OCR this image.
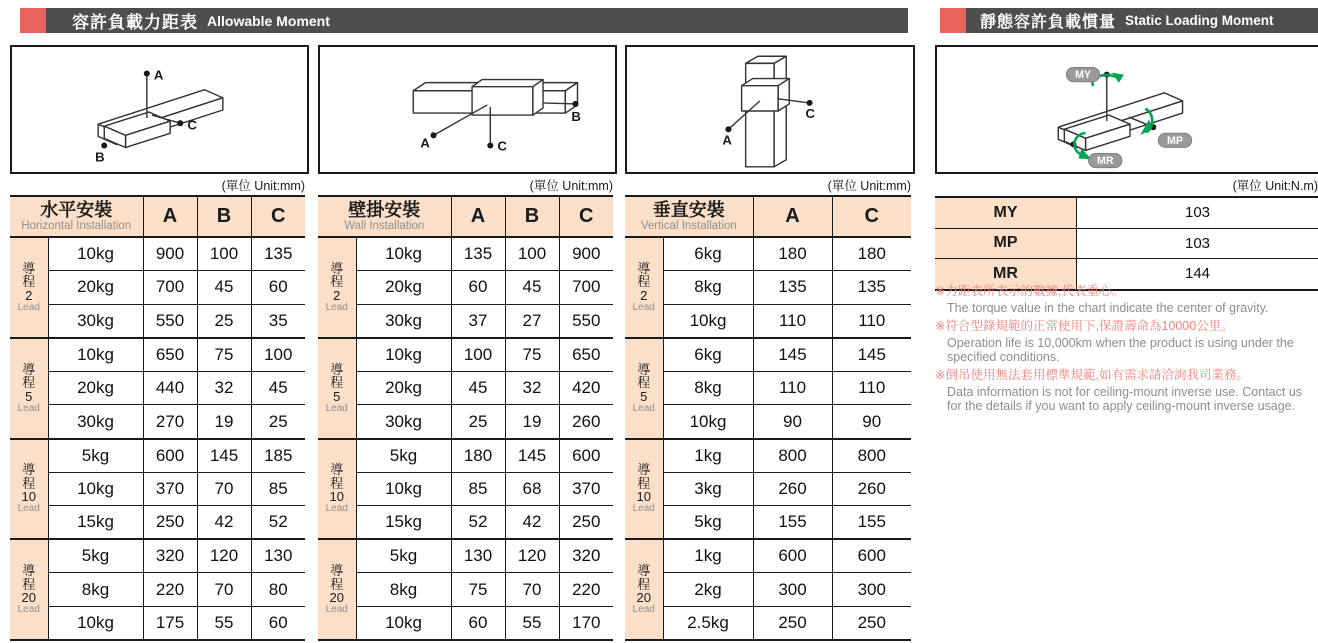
容許負載力距表 Allowable Moment	靜態容許負載慣量 Static Loading Moment
A
B
C
A
B
C	A
C
MY
MP
MR
(單位 Unit:mm)	(單位 Unit:mm)	(單位 Unit:mm)	(單位 Unit:N.m)
水平安裝
Horizontal Installation		A	B	C

導
程
2
Lead	10kg	900	100	135
	20kg	700	45	60
	30kg	550	25	35

導
程
5
Lead	10kg	650	75	100
	20kg	440	32	45
	30kg	270	19	25

導
程
10
Lead	5kg	600	145	185
	10kg	370	70	85
	15kg	250	42	52

導
程
20
Lead	5kg	320	120	130
	8kg	220	70	80
	10kg	175	55	60
壁掛安裝
Wall Installation		A	B	C

導
程
2
Lead	10kg	135	100	900
	20kg	60	45	700
	30kg	37	27	550

導
程
5
Lead	10kg	100	75	650
	20kg	45	32	420
	30kg	25	19	260

導
程
10
Lead	5kg	180	145	600
	10kg	85	68	370
	15kg	52	42	250

導
程
20
Lead	5kg	130	120	320
	8kg	75	70	220
	10kg	60	55	170
垂直安裝
Vertical Installation		A	C

導
程
2
Lead	6kg	180	180
	8kg	135	135
	10kg	110	110

導
程
5
Lead	6kg	145	145
	8kg	110	110
	10kg	90	90

導
程
10
Lead	1kg	800	800
	3kg	260	260
	5kg	155	155

導
程
20
Lead	1kg	600	600
	2kg	300	300
	2.5kg	250	250
MY	103
MP	103
MR	144
※力距表所表示的數據,代表重心。
The torque value in the chart indicate the center of gravity.
※符合型錄規範的正常使用下,保證壽命為10000公里。
Operation life is 10,000km when the product is using under the specified conditions.
※倒吊使用無法套用標準規範,如有需求請洽詢我司業務。
Data information is not for ceiling-mount inverse use. Contact us for the details if you want to apply ceiling-mount inverse usage.
